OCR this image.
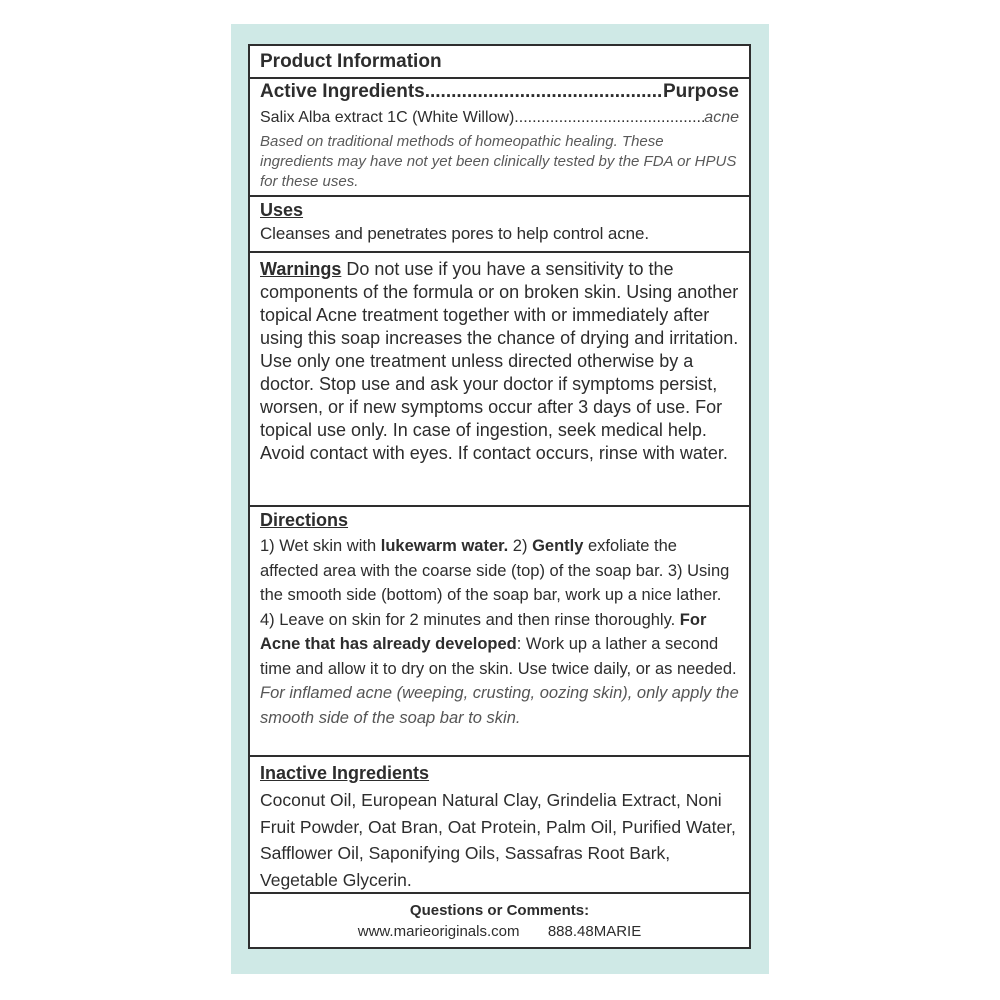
Product Information
Active Ingredients .....	Purpose
Salix Alba extract 1C (White Willow) .....	acne
Based on traditional methods of homeopathic healing. These ingredients may have not yet been clinically tested by the FDA or HPUS for these uses.
Uses
Cleanses and penetrates pores to help control acne.
Warnings Do not use if you have a sensitivity to the components of the formula or on broken skin. Using another topical Acne treatment together with or immediately after using this soap increases the chance of drying and irritation. Use only one treatment unless directed otherwise by a doctor. Stop use and ask your doctor if symptoms persist, worsen, or if new symptoms occur after 3 days of use. For topical use only. In case of ingestion, seek medical help. Avoid contact with eyes. If contact occurs, rinse with water.
Directions
1) Wet skin with lukewarm water. 2) Gently exfoliate the affected area with the coarse side (top) of the soap bar. 3) Using the smooth side (bottom) of the soap bar, work up a nice lather. 4) Leave on skin for 2 minutes and then rinse thoroughly. For Acne that has already developed: Work up a lather a second time and allow it to dry on the skin. Use twice daily, or as needed. For inflamed acne (weeping, crusting, oozing skin), only apply the smooth side of the soap bar to skin.
Inactive Ingredients
Coconut Oil, European Natural Clay, Grindelia Extract, Noni Fruit Powder, Oat Bran, Oat Protein, Palm Oil, Purified Water, Safflower Oil, Saponifying Oils, Sassafras Root Bark, Vegetable Glycerin.
Questions or Comments:
www.marieoriginals.com 888.48MARIE
